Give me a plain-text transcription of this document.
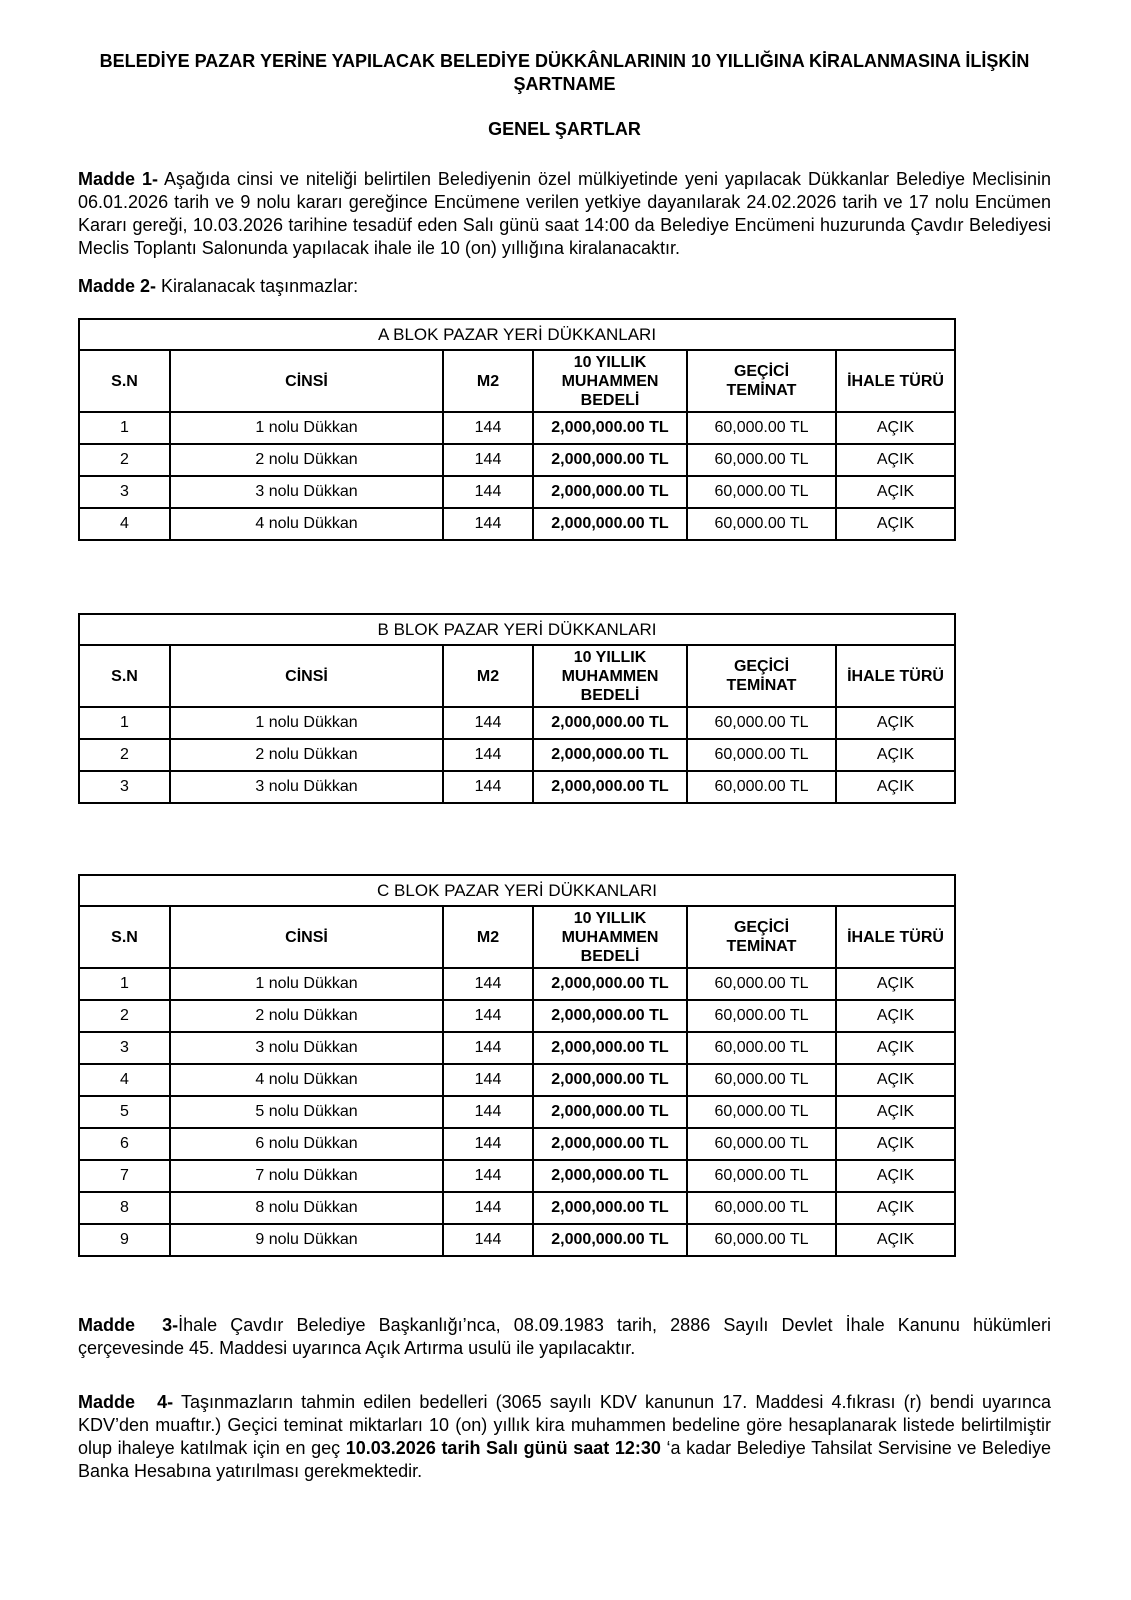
BELEDİYE PAZAR YERİNE YAPILACAK BELEDİYE DÜKKÂNLARININ 10 YILLIĞINA KİRALANMASINA İLİŞKİN ŞARTNAME
GENEL ŞARTLAR

Madde 1- Aşağıda cinsi ve niteliği belirtilen Belediyenin özel mülkiyetinde yeni yapılacak Dükkanlar Belediye Meclisinin 06.01.2026 tarih ve 9 nolu kararı gereğince Encümene verilen yetkiye dayanılarak 24.02.2026 tarih ve 17 nolu Encümen Kararı gereği, 10.03.2026 tarihine tesadüf eden Salı günü saat 14:00 da Belediye Encümeni huzurunda Çavdır Belediyesi Meclis Toplantı Salonunda yapılacak ihale ile 10 (on) yıllığına kiralanacaktır.

Madde 2- Kiralanacak taşınmazlar:

A BLOK PAZAR YERİ DÜKKANLARI					
S.N	CİNSİ	M2	10 YILLIK MUHAMMEN BEDELİ	GEÇİCİ TEMİNAT	İHALE TÜRÜ
1	1 nolu Dükkan	144	2,000,000.00 TL	60,000.00 TL	AÇIK
2	2 nolu Dükkan	144	2,000,000.00 TL	60,000.00 TL	AÇIK
3	3 nolu Dükkan	144	2,000,000.00 TL	60,000.00 TL	AÇIK
4	4 nolu Dükkan	144	2,000,000.00 TL	60,000.00 TL	AÇIK
B BLOK PAZAR YERİ DÜKKANLARI					
S.N	CİNSİ	M2	10 YILLIK MUHAMMEN BEDELİ	GEÇİCİ TEMİNAT	İHALE TÜRÜ
1	1 nolu Dükkan	144	2,000,000.00 TL	60,000.00 TL	AÇIK
2	2 nolu Dükkan	144	2,000,000.00 TL	60,000.00 TL	AÇIK
3	3 nolu Dükkan	144	2,000,000.00 TL	60,000.00 TL	AÇIK
C BLOK PAZAR YERİ DÜKKANLARI					
S.N	CİNSİ	M2	10 YILLIK MUHAMMEN BEDELİ	GEÇİCİ TEMİNAT	İHALE TÜRÜ
1	1 nolu Dükkan	144	2,000,000.00 TL	60,000.00 TL	AÇIK
2	2 nolu Dükkan	144	2,000,000.00 TL	60,000.00 TL	AÇIK
3	3 nolu Dükkan	144	2,000,000.00 TL	60,000.00 TL	AÇIK
4	4 nolu Dükkan	144	2,000,000.00 TL	60,000.00 TL	AÇIK
5	5 nolu Dükkan	144	2,000,000.00 TL	60,000.00 TL	AÇIK
6	6 nolu Dükkan	144	2,000,000.00 TL	60,000.00 TL	AÇIK
7	7 nolu Dükkan	144	2,000,000.00 TL	60,000.00 TL	AÇIK
8	8 nolu Dükkan	144	2,000,000.00 TL	60,000.00 TL	AÇIK
9	9 nolu Dükkan	144	2,000,000.00 TL	60,000.00 TL	AÇIK

Madde 3-İhale Çavdır Belediye Başkanlığı’nca, 08.09.1983 tarih, 2886 Sayılı Devlet İhale Kanunu hükümleri çerçevesinde 45. Maddesi uyarınca Açık Artırma usulü ile yapılacaktır.

Madde 4- Taşınmazların tahmin edilen bedelleri (3065 sayılı KDV kanunun 17. Maddesi 4.fıkrası (r) bendi uyarınca KDV’den muaftır.) Geçici teminat miktarları 10 (on) yıllık kira muhammen bedeline göre hesaplanarak listede belirtilmiştir olup ihaleye katılmak için en geç 10.03.2026 tarih Salı günü saat 12:30 ‘a kadar Belediye Tahsilat Servisine ve Belediye Banka Hesabına yatırılması gerekmektedir.
